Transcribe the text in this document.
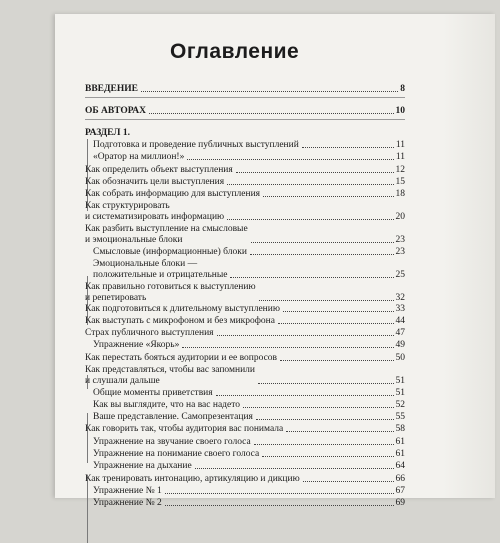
Оглавление
РАЗДЕЛ 1.
ВВЕДЕНИЕ	8
ОБ АВТОРАХ	10
Подготовка и проведение публичных выступлений	11
«Оратор на миллион!»	11
Как определить объект выступления	12
Как обозначить цели выступления	15
Как собрать информацию для выступления	18
Как структурировать
и систематизировать информацию	20
Как разбить выступление на смысловые
и эмоциональные блоки	23
Смысловые (информационные) блоки	23
Эмоциональные блоки —
положительные и отрицательные	25
Как правильно готовиться к выступлению
и репетировать	32
Как подготовиться к длительному выступлению	33
Как выступать с микрофоном и без микрофона	44
Страх публичного выступления	47
Упражнение «Якорь»	49
Как перестать бояться аудитории и ее вопросов	50
Как представляться, чтобы вас запомнили
и слушали дальше	51
Общие моменты приветствия	51
Как вы выглядите, что на вас надето	52
Ваше представление. Самопрезентация	55
Как говорить так, чтобы аудитория вас понимала	58
Упражнение на звучание своего голоса	61
Упражнение на понимание своего голоса	61
Упражнение на дыхание	64
Как тренировать интонацию, артикуляцию и дикцию	66
Упражнение № 1	67
Упражнение № 2	69
